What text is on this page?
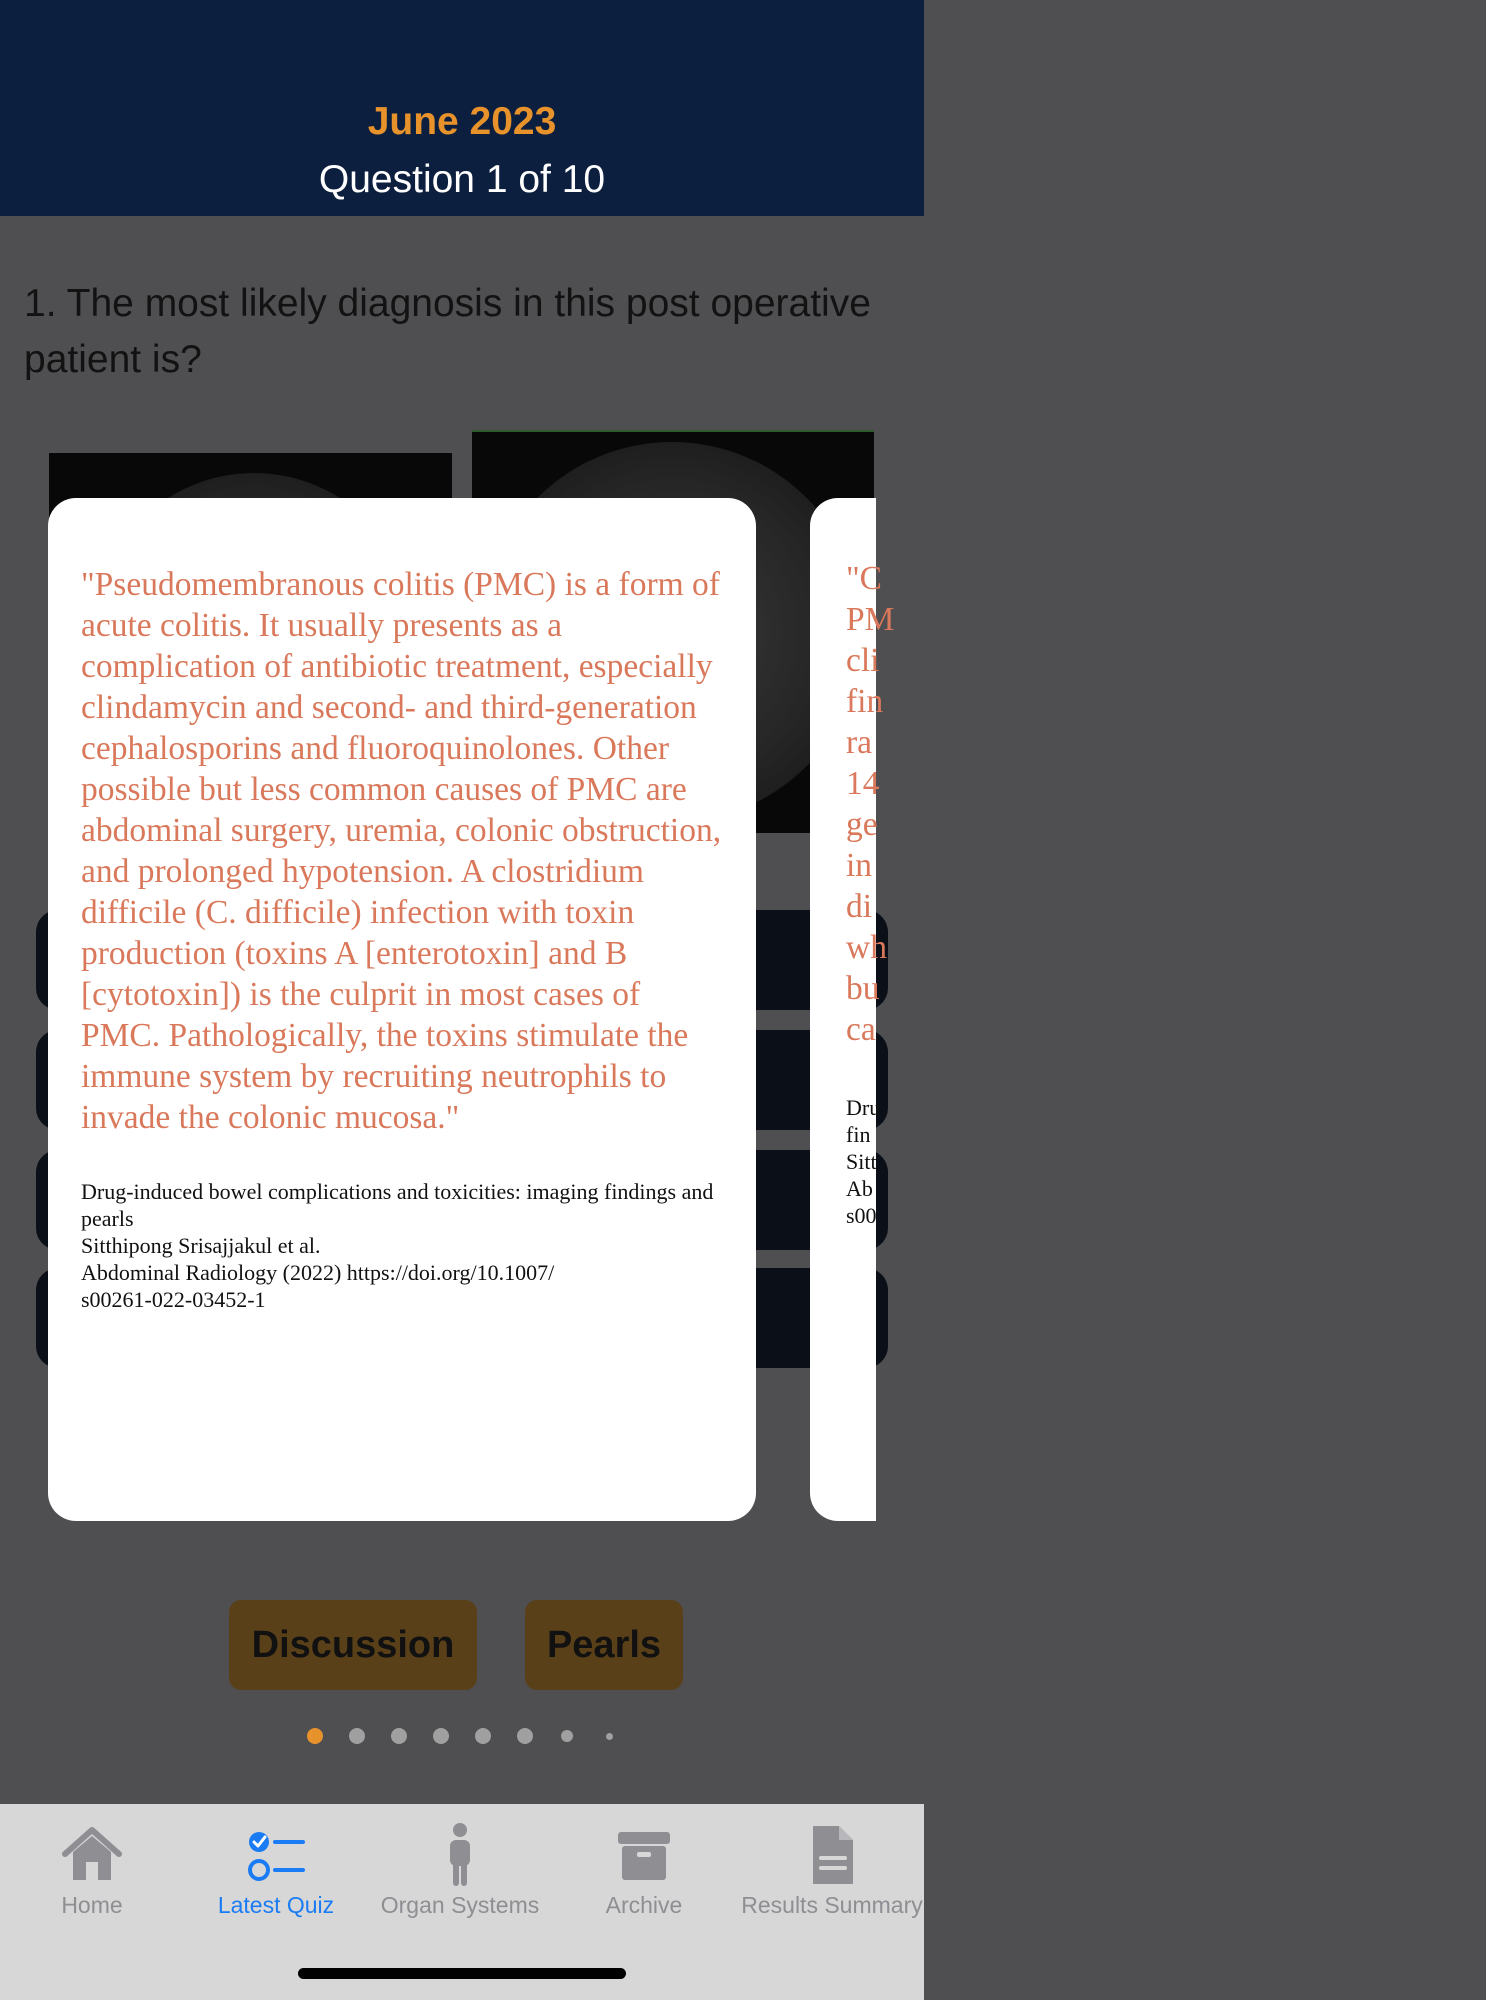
June 2023
Question 1 of 10
1. The most likely diagnosis in this post operative patient is?
Discussion	Pearls
"Pseudomembranous colitis (PMC) is a form of acute colitis. It usually presents as a complication of antibiotic treatment, especially clindamycin and second- and third-generation cephalosporins and fluoroquinolones. Other possible but less common causes of PMC are abdominal surgery, uremia, colonic obstruction, and prolonged hypotension. A clostridium difficile (C. difficile) infection with toxin production (toxins A [enterotoxin] and B [cytotoxin]) is the culprit in most cases of PMC. Pathologically, the toxins stimulate the immune system by recruiting neutrophils to invade the colonic mucosa."
Drug-induced bowel complications and toxicities: imaging findings and pearls
Sitthipong Srisajjakul et al.
Abdominal Radiology (2022) https://doi.org/10.1007/
s00261-022-03452-1
"C
PM
cli
fin
ra
14
ge
in
di
wh
bu
ca
Dru
fin
Sitt
Ab
s00
Home	Latest Quiz	Organ Systems	Archive	Results Summary
